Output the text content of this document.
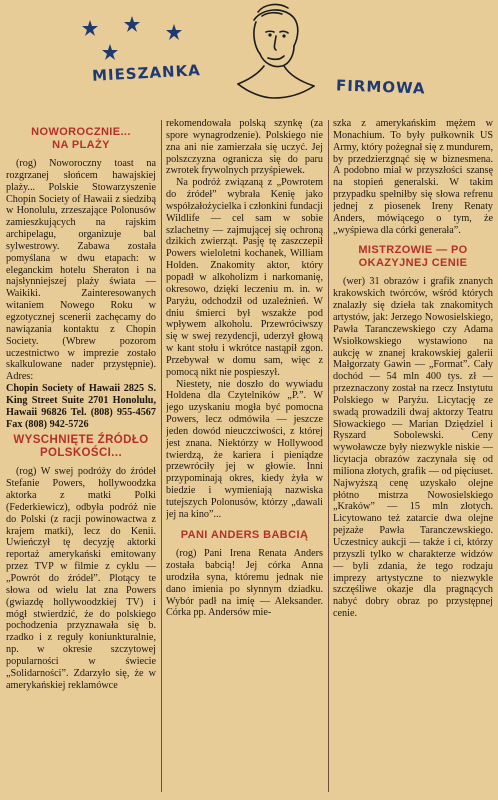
MIESZANKA
FIRMOWA
NOWOROCZNIE...
NA PLAŻY

(rog) Noworoczny toast na rozgrzanej słońcem hawajskiej plaży... Polskie Stowarzyszenie Chopin Society of Hawaii z siedzibą w Honolulu, zrzeszające Polonusów zamieszkujących na rajskim archipelagu, organizuje bal sylwestrowy. Zabawa została pomyślana w dwu etapach: w eleganckim hotelu Sheraton i na najsłynniejszej plaży świata — Waikiki. Zainteresowanych witaniem Nowego Roku w egzotycznej scenerii zachęcamy do nawiązania kontaktu z Chopin Society. (Wbrew pozorom uczestnictwo w imprezie zostało skalkulowane nader przystępnie). Adres:

Chopin Society of Hawaii 2825 S. King Street Suite 2701 Honolulu, Hawaii 96826 Tel. (808) 955-4567 Fax (808) 942-5726

WYSCHNIĘTE ŹRÓDŁO
POLSKOŚCI...

(rog) W swej podróży do źródeł Stefanie Powers, hollywoodzka aktorka z matki Polki (Federkiewicz), odbyła podróż nie do Polski (z racji powinowactwa z krajem matki), lecz do Kenii. Uwieńczył tę decyzję aktorki reportaż amerykański emitowany przez TVP w filmie z cyklu — „Powrót do źródeł”. Plotący te słowa od wielu lat zna Powers (gwiazdę hollywoodzkiej TV) i mógł stwierdzić, że do polskiego pochodzenia przyznawała się b. rzadko i z reguły koniunkturalnie, np. w okresie szczytowej popularności w świecie „Solidarności”. Zdarzyło się, że w amerykańskiej reklamówce

rekomendowała polską szynkę (za spore wynagrodzenie). Polskiego nie zna ani nie zamierzała się uczyć. Jej polszczyzna ogranicza się do paru zwrotek frywolnych przyśpiewek.

Na podróż związaną z „Powrotem do źródeł” wybrała Kenię jako współzałożycielka i członkini fundacji Wildlife — cel sam w sobie szlachetny — zajmującej się ochroną dzikich zwierząt. Pasję tę zaszczepił Powers wieloletni kochanek, William Holden. Znakomity aktor, który popadł w alkoholizm i narkomanię, okresowo, dzięki leczeniu m. in. w Paryżu, odchodził od uzależnień. W dniu śmierci był wszakże pod wpływem alkoholu. Przewróciwszy się w swej rezydencji, uderzył głową w kant stołu i wkrótce nastąpił zgon. Przebywał w domu sam, więc z pomocą nikt nie pospieszył.

Niestety, nie doszło do wywiadu Holdena dla Czytelników „P.”. W jego uzyskaniu mogła być pomocna Powers, lecz odmówiła — jeszcze jeden dowód nieuczciwości, z której jest znana. Niektórzy w Hollywood twierdzą, że kariera i pieniądze przewróciły jej w głowie. Inni przypominają okres, kiedy żyła w biedzie i wymieniają nazwiska tutejszych Polonusów, którzy „dawali jej na kino”...

PANI ANDERS BABCIĄ

(rog) Pani Irena Renata Anders została babcią! Jej córka Anna urodziła syna, któremu jednak nie dano imienia po słynnym dziadku. Wybór padł na imię — Aleksander. Córka pp. Andersów mie-

szka z amerykańskim mężem w Monachium. To były pułkownik US Army, który pożegnał się z mundurem, by przedzierzgnąć się w biznesmena. A podobno miał w przyszłości szansę na stopień generalski. W takim przypadku spełniłby się słowa refrenu jednej z piosenek Ireny Renaty Anders, mówiącego o tym, że „wyśpiewa dla córki generała”.

MISTRZOWIE — PO
OKAZYJNEJ CENIE

(wer) 31 obrazów i grafik znanych krakowskich twórców, wśród których znalazły się dzieła tak znakomitych artystów, jak: Jerzego Nowosielskiego, Pawła Taranczewskiego czy Adama Wsiołkowskiego wystawiono na aukcję w znanej krakowskiej galerii Małgorzaty Gawin — „Format”. Cały dochód — 54 mln 400 tys. zł — przeznaczony został na rzecz Instytutu Polskiego w Paryżu. Licytację ze swadą prowadzili dwaj aktorzy Teatru Słowackiego — Marian Dziędziel i Ryszard Sobolewski. Ceny wywoławcze były niezwykle niskie — licytacja obrazów zaczynała się od miliona złotych, grafik — od pięciuset. Najwyższą cenę uzyskało olejne płótno mistrza Nowosielskiego „Kraków” — 15 mln złotych. Licytowano też zatarcie dwa olejne pejzaże Pawła Taranczewskiego. Uczestnicy aukcji — także i ci, którzy przyszli tylko w charakterze widzów — byli zdania, że tego rodzaju imprezy artystyczne to niezwykle szczęśliwe okazje dla pragnących nabyć dobry obraz po przystępnej cenie.
